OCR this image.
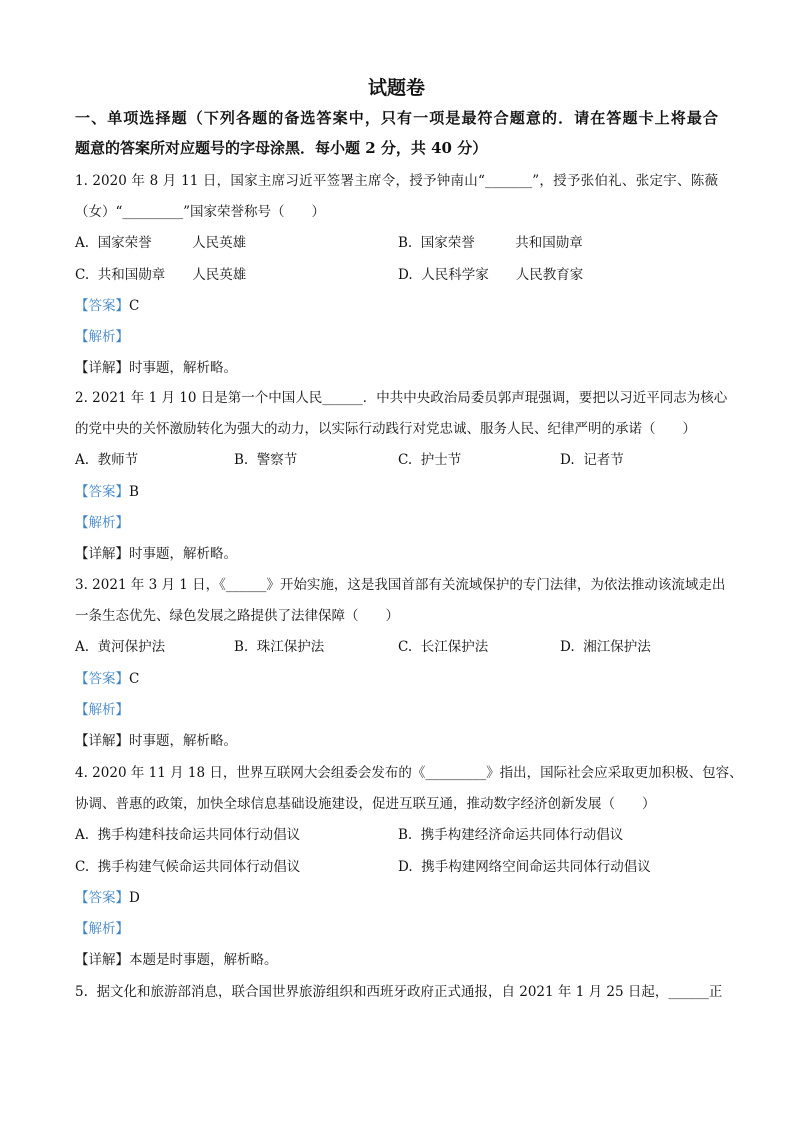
试题卷
一、单项选择题（下列各题的备选答案中，只有一项是最符合题意的．请在答题卡上将最合
题意的答案所对应题号的字母涂黑．每小题 2 分，共 40 分）
1. 2020 年 8 月 11 日，国家主席习近平签署主席令，授予钟南山“_______”，授予张伯礼、张定宇、陈薇
（女）“_________”国家荣誉称号（　　）
A.  国家荣誉　　　人民英雄	B.  国家荣誉　　　共和国勋章
C.  共和国勋章　　人民英雄	D.  人民科学家　　人民教育家
【答案】C
【解析】
【详解】时事题，解析略。
2. 2021 年 1 月 10 日是第一个中国人民______．中共中央政治局委员郭声琨强调，要把以习近平同志为核心
的党中央的关怀激励转化为强大的动力，以实际行动践行对党忠诚、服务人民、纪律严明的承诺（　　）
A.  教师节	B.  警察节	C.  护士节	D.  记者节
【答案】B
【解析】
【详解】时事题，解析略。
3. 2021 年 3 月 1 日，《______》开始实施，这是我国首部有关流域保护的专门法律，为依法推动该流域走出
一条生态优先、绿色发展之路提供了法律保障（　　）
A.  黄河保护法	B.  珠江保护法	C.  长江保护法	D.  湘江保护法
【答案】C
【解析】
【详解】时事题，解析略。
4. 2020 年 11 月 18 日，世界互联网大会组委会发布的《_________》指出，国际社会应采取更加积极、包容、
协调、普惠的政策，加快全球信息基础设施建设，促进互联互通，推动数字经济创新发展（　　）
A.  携手构建科技命运共同体行动倡议	B.  携手构建经济命运共同体行动倡议
C.  携手构建气候命运共同体行动倡议	D.  携手构建网络空间命运共同体行动倡议
【答案】D
【解析】
【详解】本题是时事题，解析略。
5.  据文化和旅游部消息，联合国世界旅游组织和西班牙政府正式通报，自 2021 年 1 月 25 日起，______正
